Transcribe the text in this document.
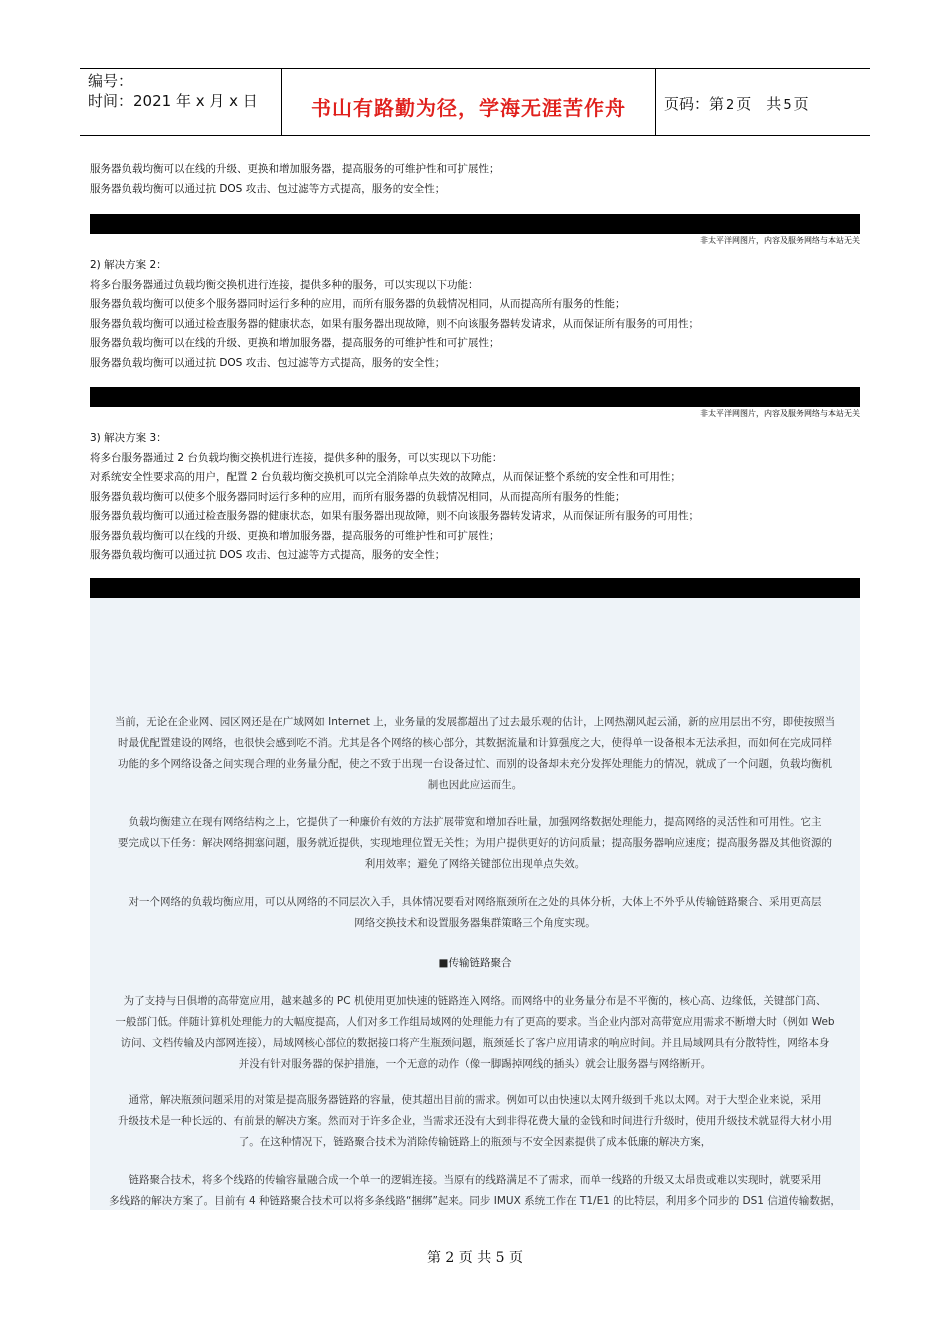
编号：
时间：2021 年 x 月 x 日	书山有路勤为径，学海无涯苦作舟	页码：第 2 页　共 5 页
服务器负载均衡可以在线的升级、更换和增加服务器，提高服务的可维护性和可扩展性；
服务器负载均衡可以通过抗 DOS 攻击、包过滤等方式提高，服务的安全性；
非太平洋网图片，内容及服务网络与本站无关
2) 解决方案 2：
将多台服务器通过负载均衡交换机进行连接，提供多种的服务，可以实现以下功能：
服务器负载均衡可以使多个服务器同时运行多种的应用，而所有服务器的负载情况相同，从而提高所有服务的性能；
服务器负载均衡可以通过检查服务器的健康状态，如果有服务器出现故障，则不向该服务器转发请求，从而保证所有服务的可用性；
服务器负载均衡可以在线的升级、更换和增加服务器，提高服务的可维护性和可扩展性；
服务器负载均衡可以通过抗 DOS 攻击、包过滤等方式提高，服务的安全性；
非太平洋网图片，内容及服务网络与本站无关
3) 解决方案 3：
将多台服务器通过 2 台负载均衡交换机进行连接，提供多种的服务，可以实现以下功能：
对系统安全性要求高的用户，配置 2 台负载均衡交换机可以完全消除单点失效的故障点，从而保证整个系统的安全性和可用性；
服务器负载均衡可以使多个服务器同时运行多种的应用，而所有服务器的负载情况相同，从而提高所有服务的性能；
服务器负载均衡可以通过检查服务器的健康状态，如果有服务器出现故障，则不向该服务器转发请求，从而保证所有服务的可用性；
服务器负载均衡可以在线的升级、更换和增加服务器，提高服务的可维护性和可扩展性；
服务器负载均衡可以通过抗 DOS 攻击、包过滤等方式提高，服务的安全性；
当前，无论在企业网、园区网还是在广域网如 Internet 上，业务量的发展都超出了过去最乐观的估计，上网热潮风起云涌，新的应用层出不穷，即使按照当
时最优配置建设的网络，也很快会感到吃不消。尤其是各个网络的核心部分，其数据流量和计算强度之大，使得单一设备根本无法承担，而如何在完成同样
功能的多个网络设备之间实现合理的业务量分配，使之不致于出现一台设备过忙、而别的设备却未充分发挥处理能力的情况，就成了一个问题，负载均衡机
制也因此应运而生。
负载均衡建立在现有网络结构之上，它提供了一种廉价有效的方法扩展带宽和增加吞吐量，加强网络数据处理能力，提高网络的灵活性和可用性。它主
要完成以下任务：解决网络拥塞问题，服务就近提供，实现地理位置无关性；为用户提供更好的访问质量；提高服务器响应速度；提高服务器及其他资源的
利用效率；避免了网络关键部位出现单点失效。
对一个网络的负载均衡应用，可以从网络的不同层次入手，具体情况要看对网络瓶颈所在之处的具体分析，大体上不外乎从传输链路聚合、采用更高层
网络交换技术和设置服务器集群策略三个角度实现。
■传输链路聚合
为了支持与日俱增的高带宽应用，越来越多的 PC 机使用更加快速的链路连入网络。而网络中的业务量分布是不平衡的，核心高、边缘低，关键部门高、
一般部门低。伴随计算机处理能力的大幅度提高，人们对多工作组局域网的处理能力有了更高的要求。当企业内部对高带宽应用需求不断增大时（例如 Web
访问、文档传输及内部网连接），局域网核心部位的数据接口将产生瓶颈问题，瓶颈延长了客户应用请求的响应时间。并且局域网具有分散特性，网络本身
并没有针对服务器的保护措施，一个无意的动作（像一脚踢掉网线的插头）就会让服务器与网络断开。
通常，解决瓶颈问题采用的对策是提高服务器链路的容量，使其超出目前的需求。例如可以由快速以太网升级到千兆以太网。对于大型企业来说，采用
升级技术是一种长远的、有前景的解决方案。然而对于许多企业，当需求还没有大到非得花费大量的金钱和时间进行升级时，使用升级技术就显得大材小用
了。在这种情况下，链路聚合技术为消除传输链路上的瓶颈与不安全因素提供了成本低廉的解决方案，
链路聚合技术，将多个线路的传输容量融合成一个单一的逻辑连接。当原有的线路满足不了需求，而单一线路的升级又太昂贵或难以实现时，就要采用
多线路的解决方案了。目前有 4 种链路聚合技术可以将多条线路“捆绑”起来。同步 IMUX 系统工作在 T1/E1 的比特层，利用多个同步的 DS1 信道传输数据，
第 2 页 共 5 页
